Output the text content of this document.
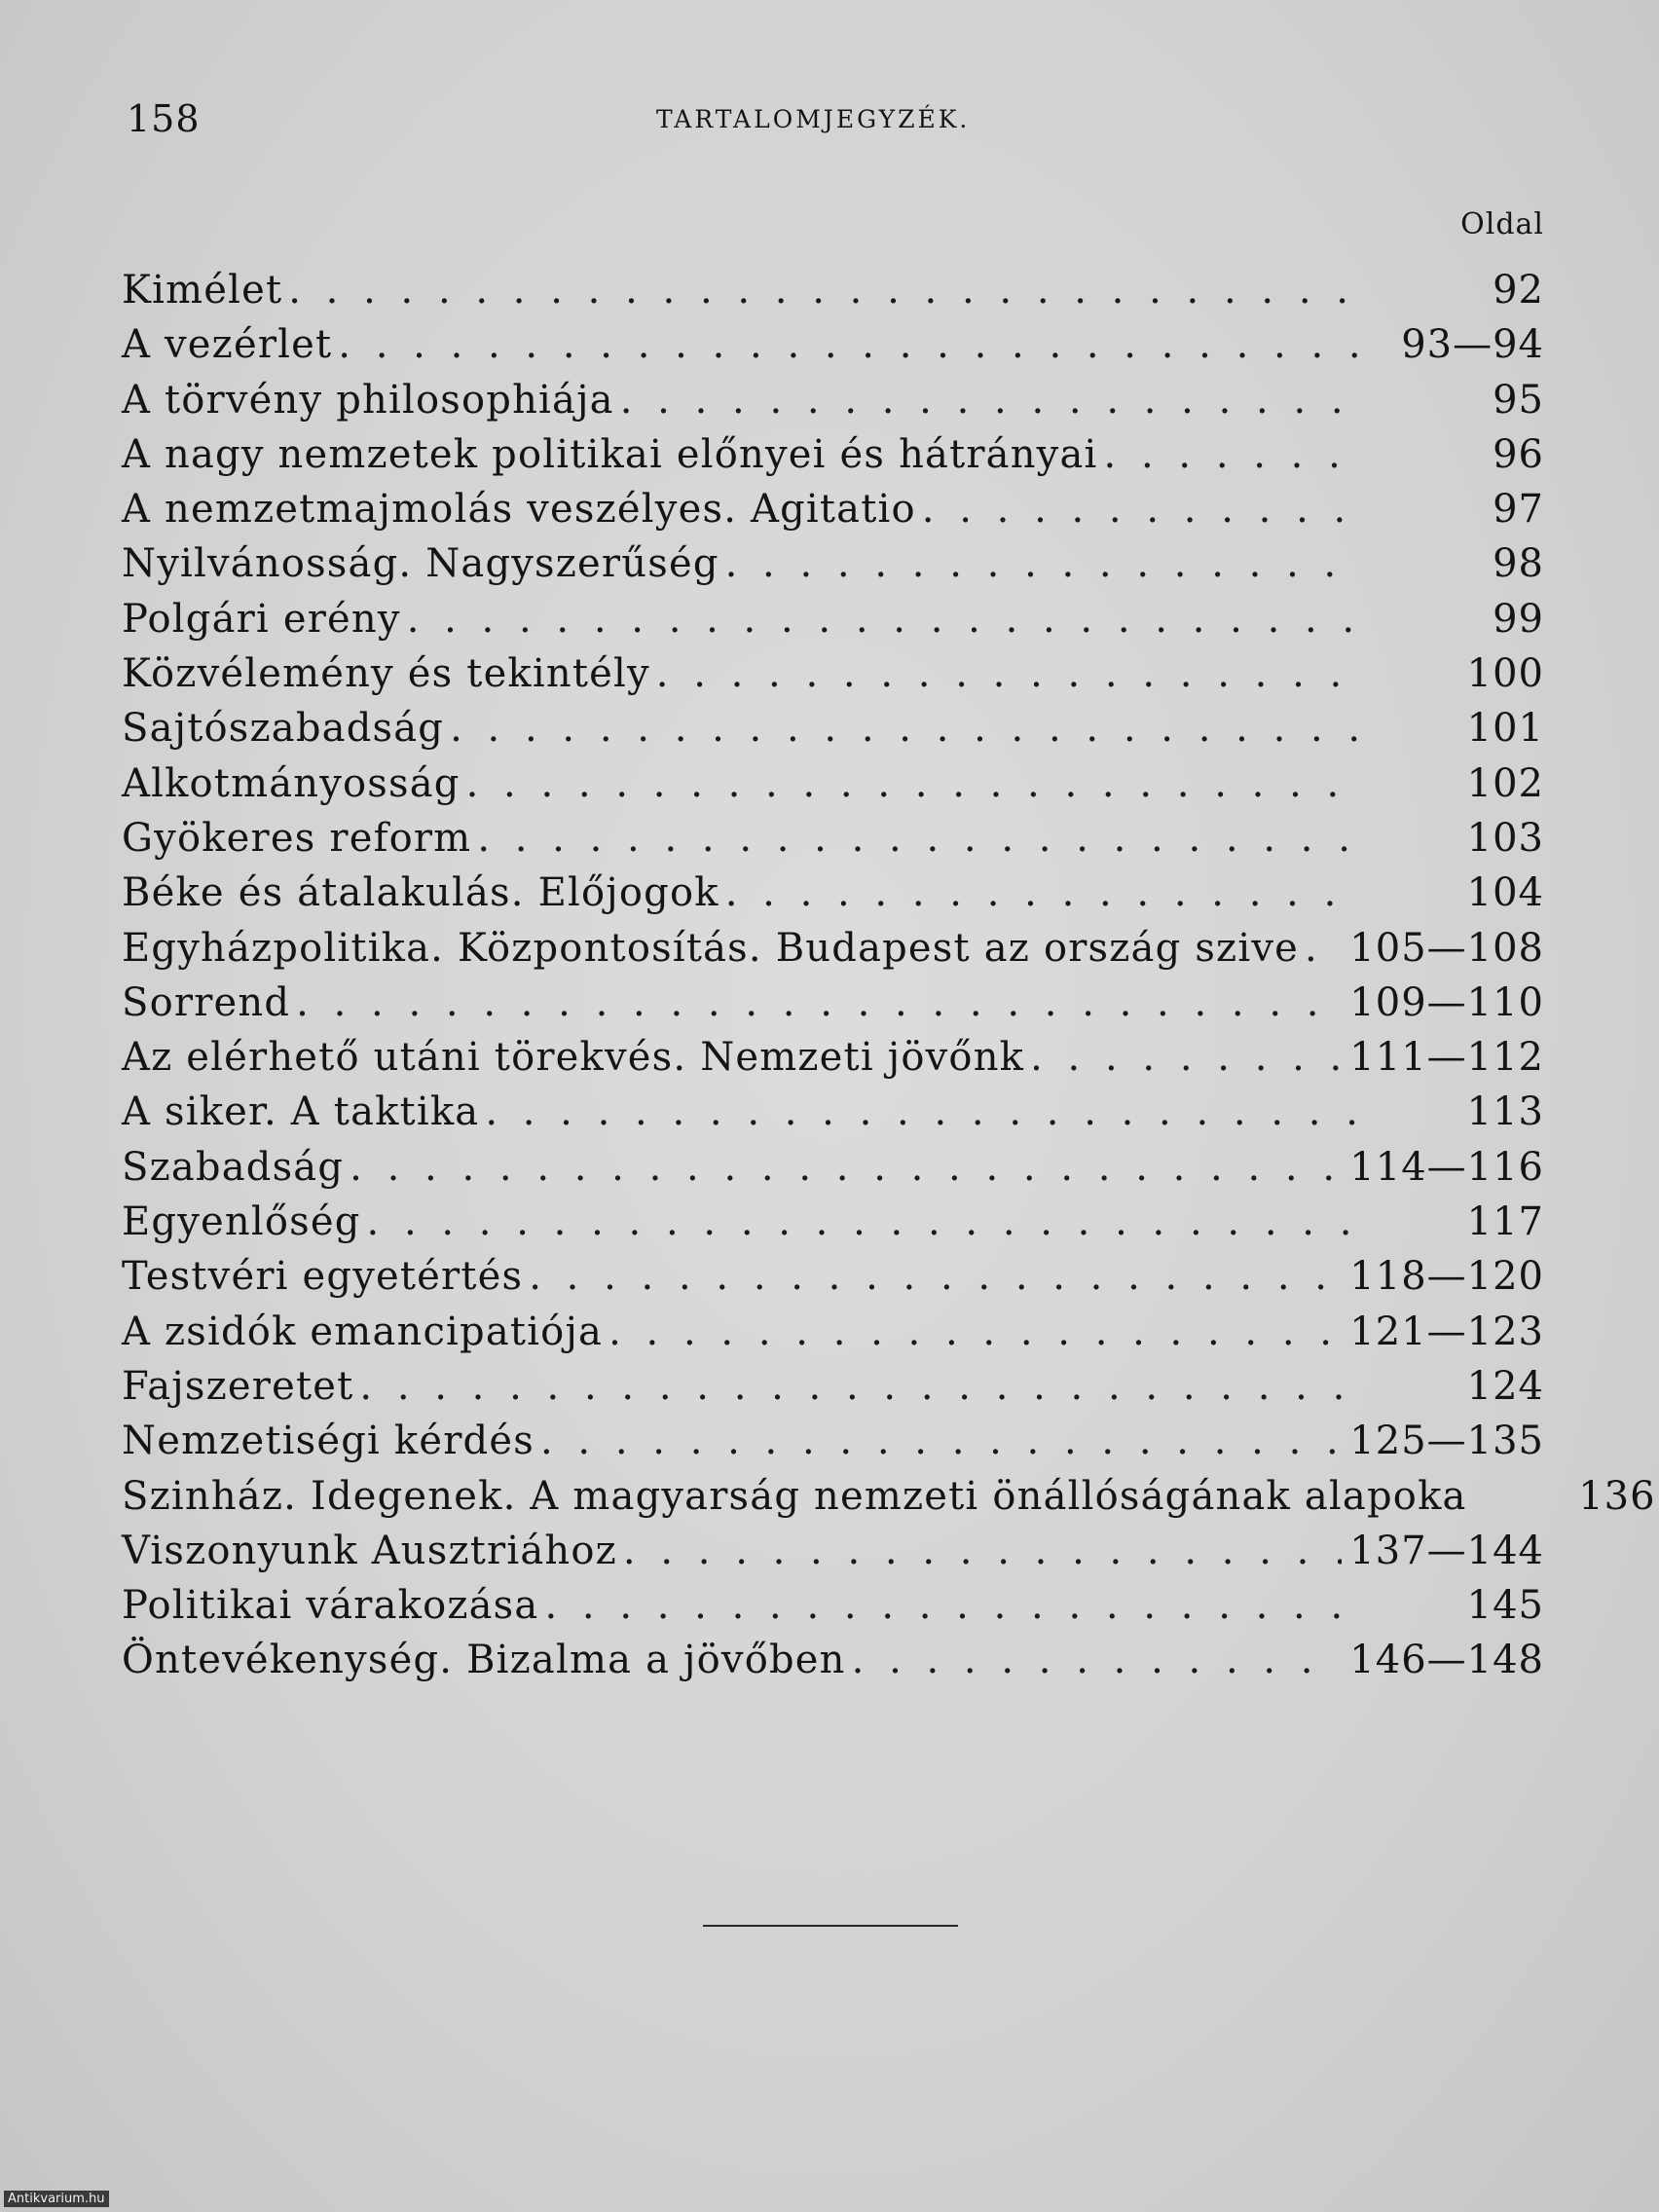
158	TARTALOMJEGYZÉK.
Oldal
Kimélet . . .	92
A vezérlet . . .	93—94
A törvény philosophiája . . .	95
A nagy nemzetek politikai előnyei és hátrányai . . .	96
A nemzetmajmolás veszélyes. Agitatio . . .	97
Nyilvánosság. Nagyszerűség . . .	98
Polgári erény . . .	99
Közvélemény és tekintély . . .	100
Sajtószabadság . . .	101
Alkotmányosság . . .	102
Gyökeres reform . . .	103
Béke és átalakulás. Előjogok . . .	104
Egyházpolitika. Központosítás. Budapest az ország szive . . . 105—108
Sorrend . . .	109—110
Az elérhető utáni törekvés. Nemzeti jövőnk . . .	111—112
A siker. A taktika . . .	113
Szabadság . . .	114—116
Egyenlőség . . .	117
Testvéri egyetértés . . .	118—120
A zsidók emancipatiója . . .	121—123
Fajszeretet . . .	124
Nemzetiségi kérdés . . .	125—135
Szinház. Idegenek. A magyarság nemzeti önállóságának alapoka	136
Viszonyunk Ausztriához . . .	137—144
Politikai várakozása . . .	145
Öntevékenység. Bizalma a jövőben . . .	146—148
Antikvarium.hu
